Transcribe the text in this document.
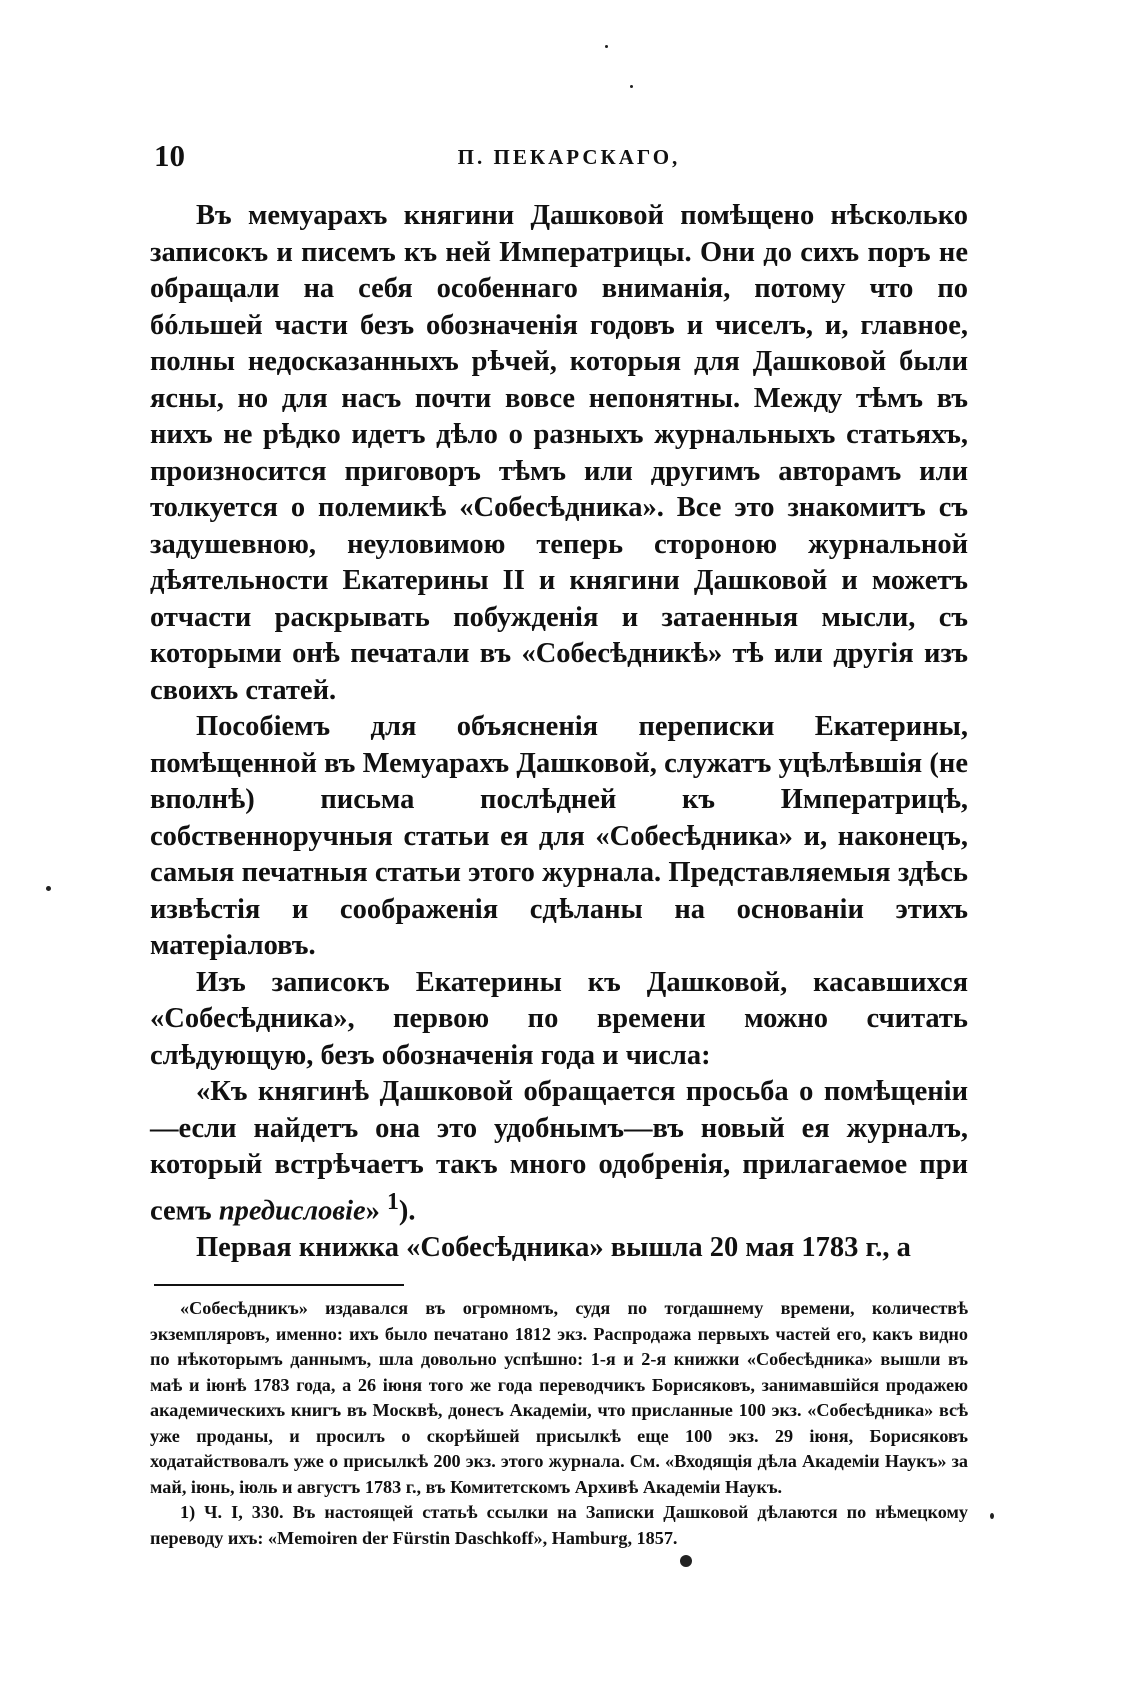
10	П. ПЕКАРСКАГО,

Въ мемуарахъ княгини Дашковой помѣщено нѣсколько записокъ и писемъ къ ней Императрицы. Они до сихъ поръ не обращали на себя особеннаго вниманія, потому что по бóльшей части безъ обозначенія годовъ и чиселъ, и, главное, полны недосказанныхъ рѣчей, которыя для Дашковой были ясны, но для насъ почти вовсе непонятны. Между тѣмъ въ нихъ не рѣдко идетъ дѣло о разныхъ журнальныхъ статьяхъ, произносится приговоръ тѣмъ или другимъ авторамъ или толкуется о полемикѣ «Собесѣдника». Все это знакомитъ съ задушевною, неуловимою теперь стороною журнальной дѣятельности Екатерины II и княгини Дашковой и можетъ отчасти раскрывать побужденія и затаенныя мысли, съ которыми онѣ печатали въ «Собесѣдникѣ» тѣ или другія изъ своихъ статей.

Пособіемъ для объясненія переписки Екатерины, помѣщенной въ Мемуарахъ Дашковой, служатъ уцѣлѣвшія (не вполнѣ) письма послѣдней къ Императрицѣ, собственноручныя статьи ея для «Собесѣдника» и, наконецъ, самыя печатныя статьи этого журнала. Представляемыя здѣсь извѣстія и соображенія сдѣланы на основаніи этихъ матеріаловъ.

Изъ записокъ Екатерины къ Дашковой, касавшихся «Собесѣдника», первою по времени можно считать слѣдующую, безъ обозначенія года и числа:

«Къ княгинѣ Дашковой обращается просьба о помѣщеніи—если найдетъ она это удобнымъ—въ новый ея журналъ, который встрѣчаетъ такъ много одобренія, прилагаемое при семъ предисловіе» $^1$).

Первая книжка «Собесѣдника» вышла 20 мая 1783 г., а

«Собесѣдникъ» издавался въ огромномъ, судя по тогдашнему времени, количествѣ экземпляровъ, именно: ихъ было печатано 1812 экз. Распродажа первыхъ частей его, какъ видно по нѣкоторымъ даннымъ, шла довольно успѣшно: 1-я и 2-я книжки «Собесѣдника» вышли въ маѣ и іюнѣ 1783 года, а 26 іюня того же года переводчикъ Борисяковъ, занимавшійся продажею академическихъ книгъ въ Москвѣ, донесъ Академіи, что присланные 100 экз. «Собесѣдника» всѣ уже проданы, и просилъ о скорѣйшей присылкѣ еще 100 экз. 29 іюня, Борисяковъ ходатайствовалъ уже о присылкѣ 200 экз. этого журнала. См. «Входящія дѣла Академіи Наукъ» за май, іюнь, іюль и августъ 1783 г., въ Комитетскомъ Архивѣ Академіи Наукъ.

1) Ч. I, 330. Въ настоящей статьѣ ссылки на Записки Дашковой дѣлаются по нѣмецкому переводу ихъ: «Memoiren der Fürstin Daschkoff», Hamburg, 1857.
